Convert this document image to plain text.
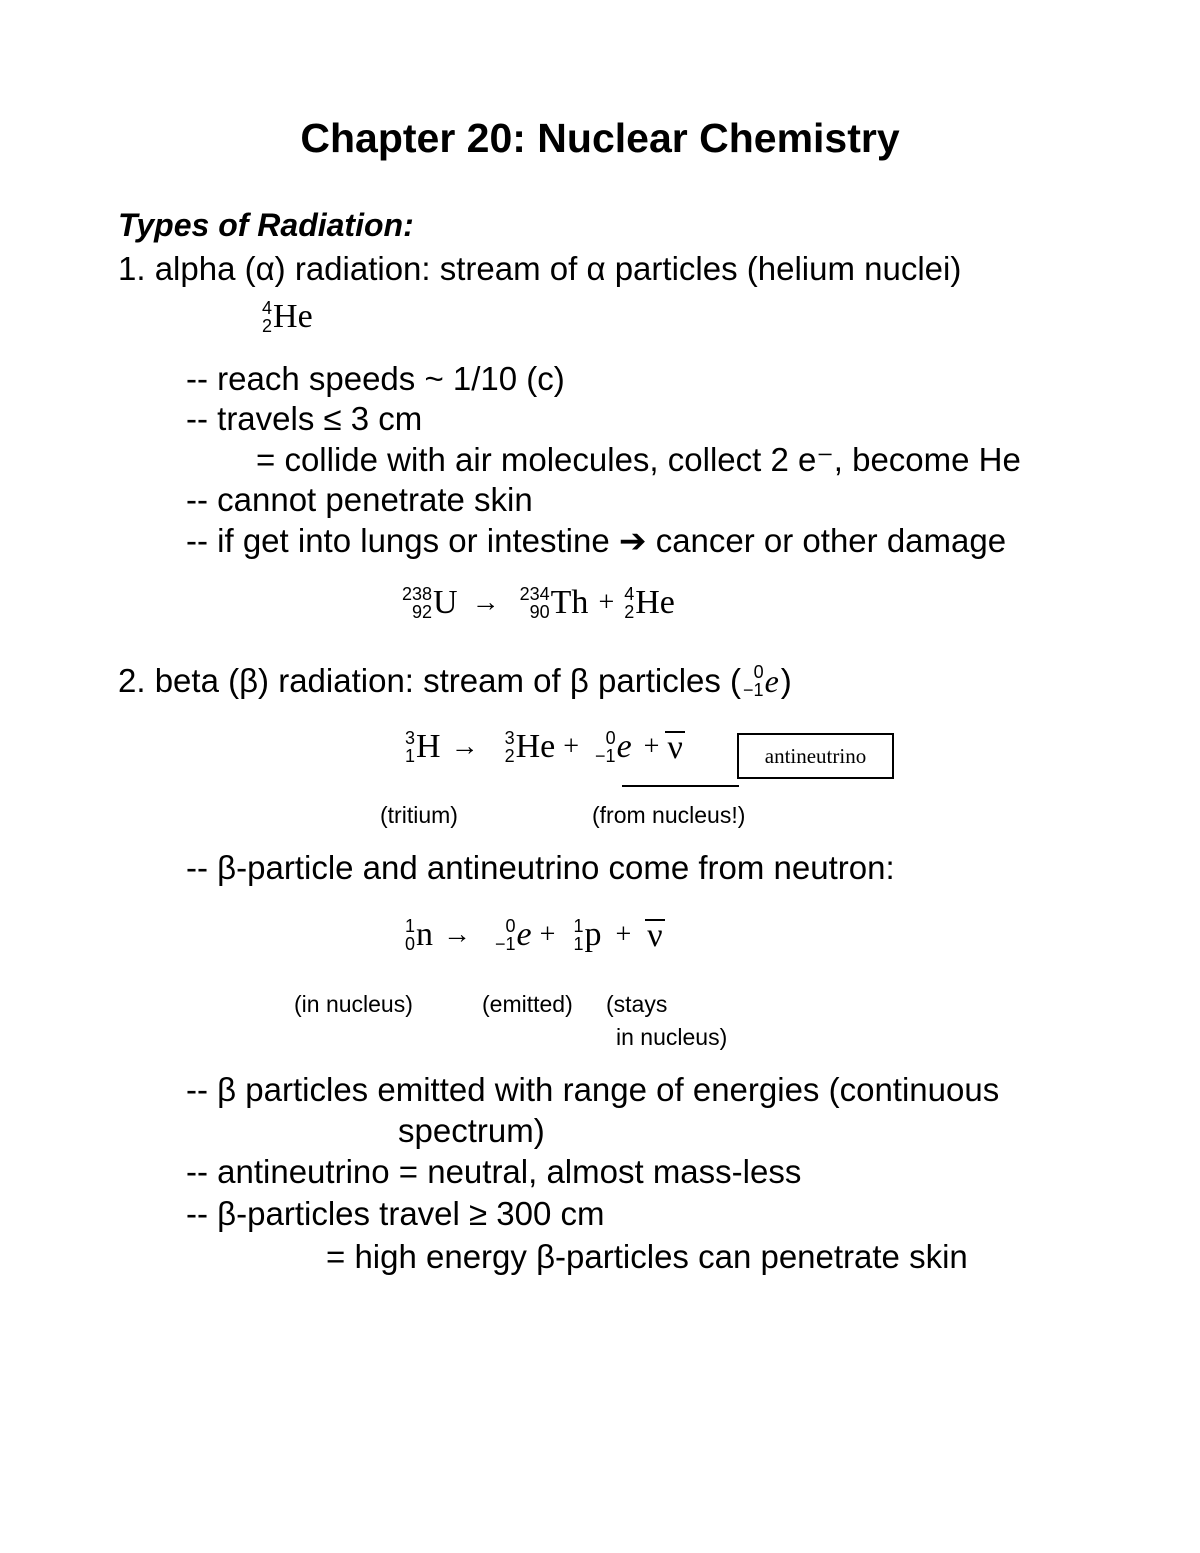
Chapter 20: Nuclear Chemistry
Types of Radiation:
1. alpha (α) radiation: stream of α particles (helium nuclei)
4
2 He
-- reach speeds ~ 1/10 (c)
-- travels ≤ 3 cm
= collide with air molecules, collect 2 e⁻, become He
-- cannot penetrate skin
-- if get into lungs or intestine ➔ cancer or other damage
238
92 U → 234
90 Th + 4
2 He
2. beta (β) radiation: stream of β particles ( 0
−1 e )
3
1 H → 3
2 He + 0
−1 e + ν	antineutrino
(tritium)	(from nucleus!)
-- β-particle and antineutrino come from neutron:
1
0 n → 0
−1 e + 1
1 p + ν
(in nucleus)	(emitted) (stays
in nucleus)
-- β particles emitted with range of energies (continuous
spectrum)
-- antineutrino = neutral, almost mass-less
-- β-particles travel ≥ 300 cm
= high energy β-particles can penetrate skin
